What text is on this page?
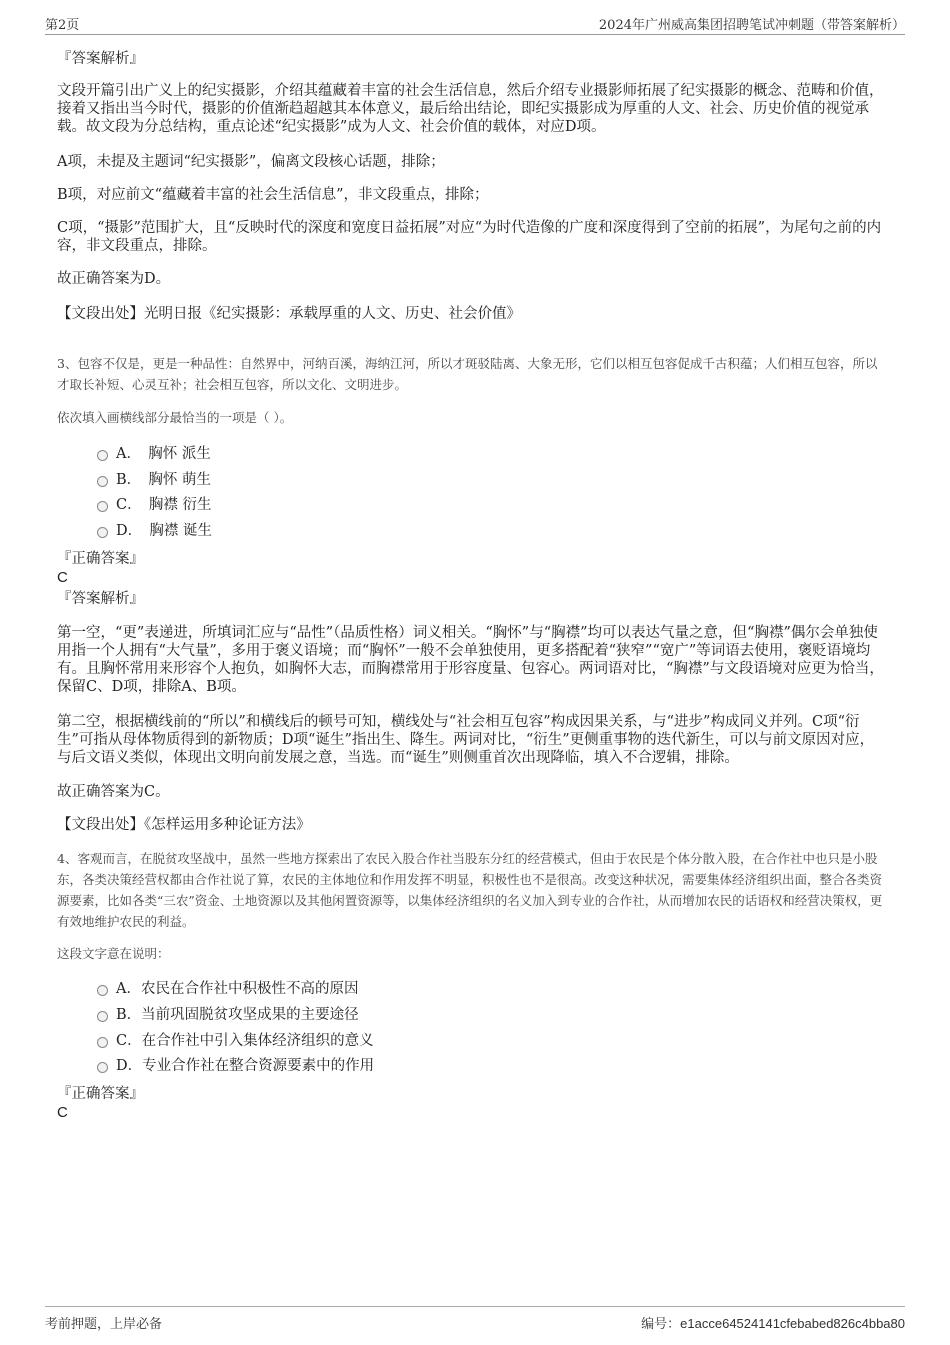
第2页	2024年广州威高集团招聘笔试冲刺题（带答案解析）
『答案解析』

文段开篇引出广义上的纪实摄影，介绍其蕴藏着丰富的社会生活信息，然后介绍专业摄影师拓展了纪实摄影的概念、范畴和价值，接着又指出当今时代，摄影的价值渐趋超越其本体意义，最后给出结论，即纪实摄影成为厚重的人文、社会、历史价值的视觉承载。故文段为分总结构，重点论述“纪实摄影”成为人文、社会价值的载体，对应D项。

A项，未提及主题词“纪实摄影”，偏离文段核心话题，排除；

B项，对应前文“蕴藏着丰富的社会生活信息”，非文段重点，排除；

C项，“摄影”范围扩大，且“反映时代的深度和宽度日益拓展”对应“为时代造像的广度和深度得到了空前的拓展”，为尾句之前的内容，非文段重点，排除。

故正确答案为D。

【文段出处】光明日报《纪实摄影：承载厚重的人文、历史、社会价值》

3、包容不仅是，更是一种品性：自然界中，河纳百溪，海纳江河，所以才斑驳陆离、大象无形，它们以相互包容促成千古积蕴；人们相互包容，所以才取长补短、心灵互补；社会相互包容，所以文化、文明进步。

依次填入画横线部分最恰当的一项是（ ）。

A．　胸怀 派生
B．　胸怀 萌生
C．　胸襟 衍生
D．　胸襟 诞生
『正确答案』
C
『答案解析』

第一空，“更”表递进，所填词汇应与“品性”（品质性格）词义相关。“胸怀”与“胸襟”均可以表达气量之意，但“胸襟”偶尔会单独使用指一个人拥有“大气量”，多用于褒义语境；而“胸怀”一般不会单独使用，更多搭配着“狭窄”“宽广”等词语去使用，褒贬语境均有。且胸怀常用来形容个人抱负，如胸怀大志，而胸襟常用于形容度量、包容心。两词语对比，“胸襟”与文段语境对应更为恰当，保留C、D项，排除A、B项。

第二空，根据横线前的“所以”和横线后的顿号可知，横线处与“社会相互包容”构成因果关系，与“进步”构成同义并列。C项“衍生”可指从母体物质得到的新物质；D项“诞生”指出生、降生。两词对比，“衍生”更侧重事物的迭代新生，可以与前文原因对应，与后文语义类似，体现出文明向前发展之意，当选。而“诞生”则侧重首次出现降临，填入不合逻辑，排除。

故正确答案为C。

【文段出处】《怎样运用多种论证方法》

4、客观而言，在脱贫攻坚战中，虽然一些地方探索出了农民入股合作社当股东分红的经营模式，但由于农民是个体分散入股，在合作社中也只是小股东，各类决策经营权都由合作社说了算，农民的主体地位和作用发挥不明显，积极性也不是很高。改变这种状况，需要集体经济组织出面，整合各类资源要素，比如各类“三农”资金、土地资源以及其他闲置资源等，以集体经济组织的名义加入到专业的合作社，从而增加农民的话语权和经营决策权，更有效地维护农民的利益。

这段文字意在说明：

A．农民在合作社中积极性不高的原因
B．当前巩固脱贫攻坚成果的主要途径
C．在合作社中引入集体经济组织的意义
D．专业合作社在整合资源要素中的作用
『正确答案』
C
考前押题，上岸必备	编号：e1acce64524141cfebabed826c4bba80
